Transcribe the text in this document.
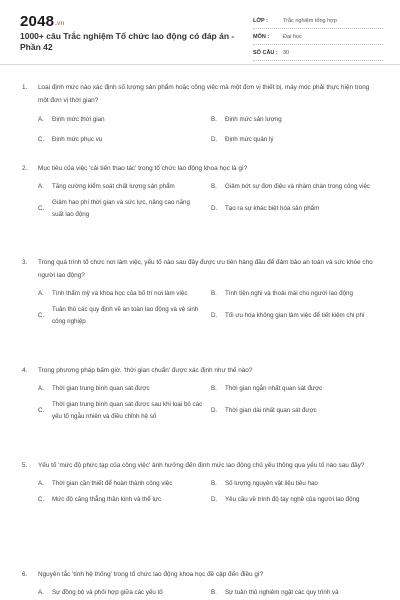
2048.vn
1000+ câu Trắc nghiệm Tổ chức lao động có đáp án - Phần 42
LỚP :	Trắc nghiệm tổng hợp
MÔN :	Đại học
SỐ CÂU : 30
1.	Loại định mức nào xác định số lượng sản phẩm hoặc công việc mà một đơn vị thiết bị, máy móc phải thực hiện trong một đơn vị thời gian?
A.	Định mức thời gian	B.	Định mức sản lượng
C.	Định mức phục vụ	D.	Định mức quản lý
2.	Mục tiêu của việc 'cải tiến thao tác' trong tổ chức lao động khoa học là gì?
A.	Tăng cường kiểm soát chất lượng sản phẩm	B.	Giảm bớt sự đơn điệu và nhàm chán trong công việc
C.
Giảm hao phí thời gian và sức lực, nâng cao năng suất lao động
D.	Tạo ra sự khác biệt hóa sản phẩm
3.	Trong quá trình tổ chức nơi làm việc, yếu tố nào sau đây được ưu tiên hàng đầu để đảm bảo an toàn và sức khỏe cho người lao động?
A.	Tính thẩm mỹ và khoa học của bố trí nơi làm việc	B.	Tính tiện nghi và thoải mái cho người lao động
C.
Tuân thủ các quy định về an toàn lao động và vệ sinh công nghiệp
D.	Tối ưu hóa không gian làm việc để tiết kiệm chi phí
4.	Trong phương pháp bấm giờ, 'thời gian chuẩn' được xác định như thế nào?
A.	Thời gian trung bình quan sát được	B.	Thời gian ngắn nhất quan sát được
C.
Thời gian trung bình quan sát được sau khi loại bỏ các yếu tố ngẫu nhiên và điều chỉnh hệ số
D.	Thời gian dài nhất quan sát được
5.	Yếu tố 'mức độ phức tạp của công việc' ảnh hưởng đến định mức lao động chủ yếu thông qua yếu tố nào sau đây?
A.	Thời gian cần thiết để hoàn thành công việc	B.	Số lượng nguyên vật liệu tiêu hao
C.	Mức độ căng thẳng thần kinh và thể lực	D.	Yêu cầu về trình độ tay nghề của người lao động
6.	Nguyên tắc 'tính hệ thống' trong tổ chức lao động khoa học đề cập đến điều gì?
A.	Sự đồng bộ và phối hợp giữa các yếu tố	B.	Sự tuân thủ nghiêm ngặt các quy trình và
